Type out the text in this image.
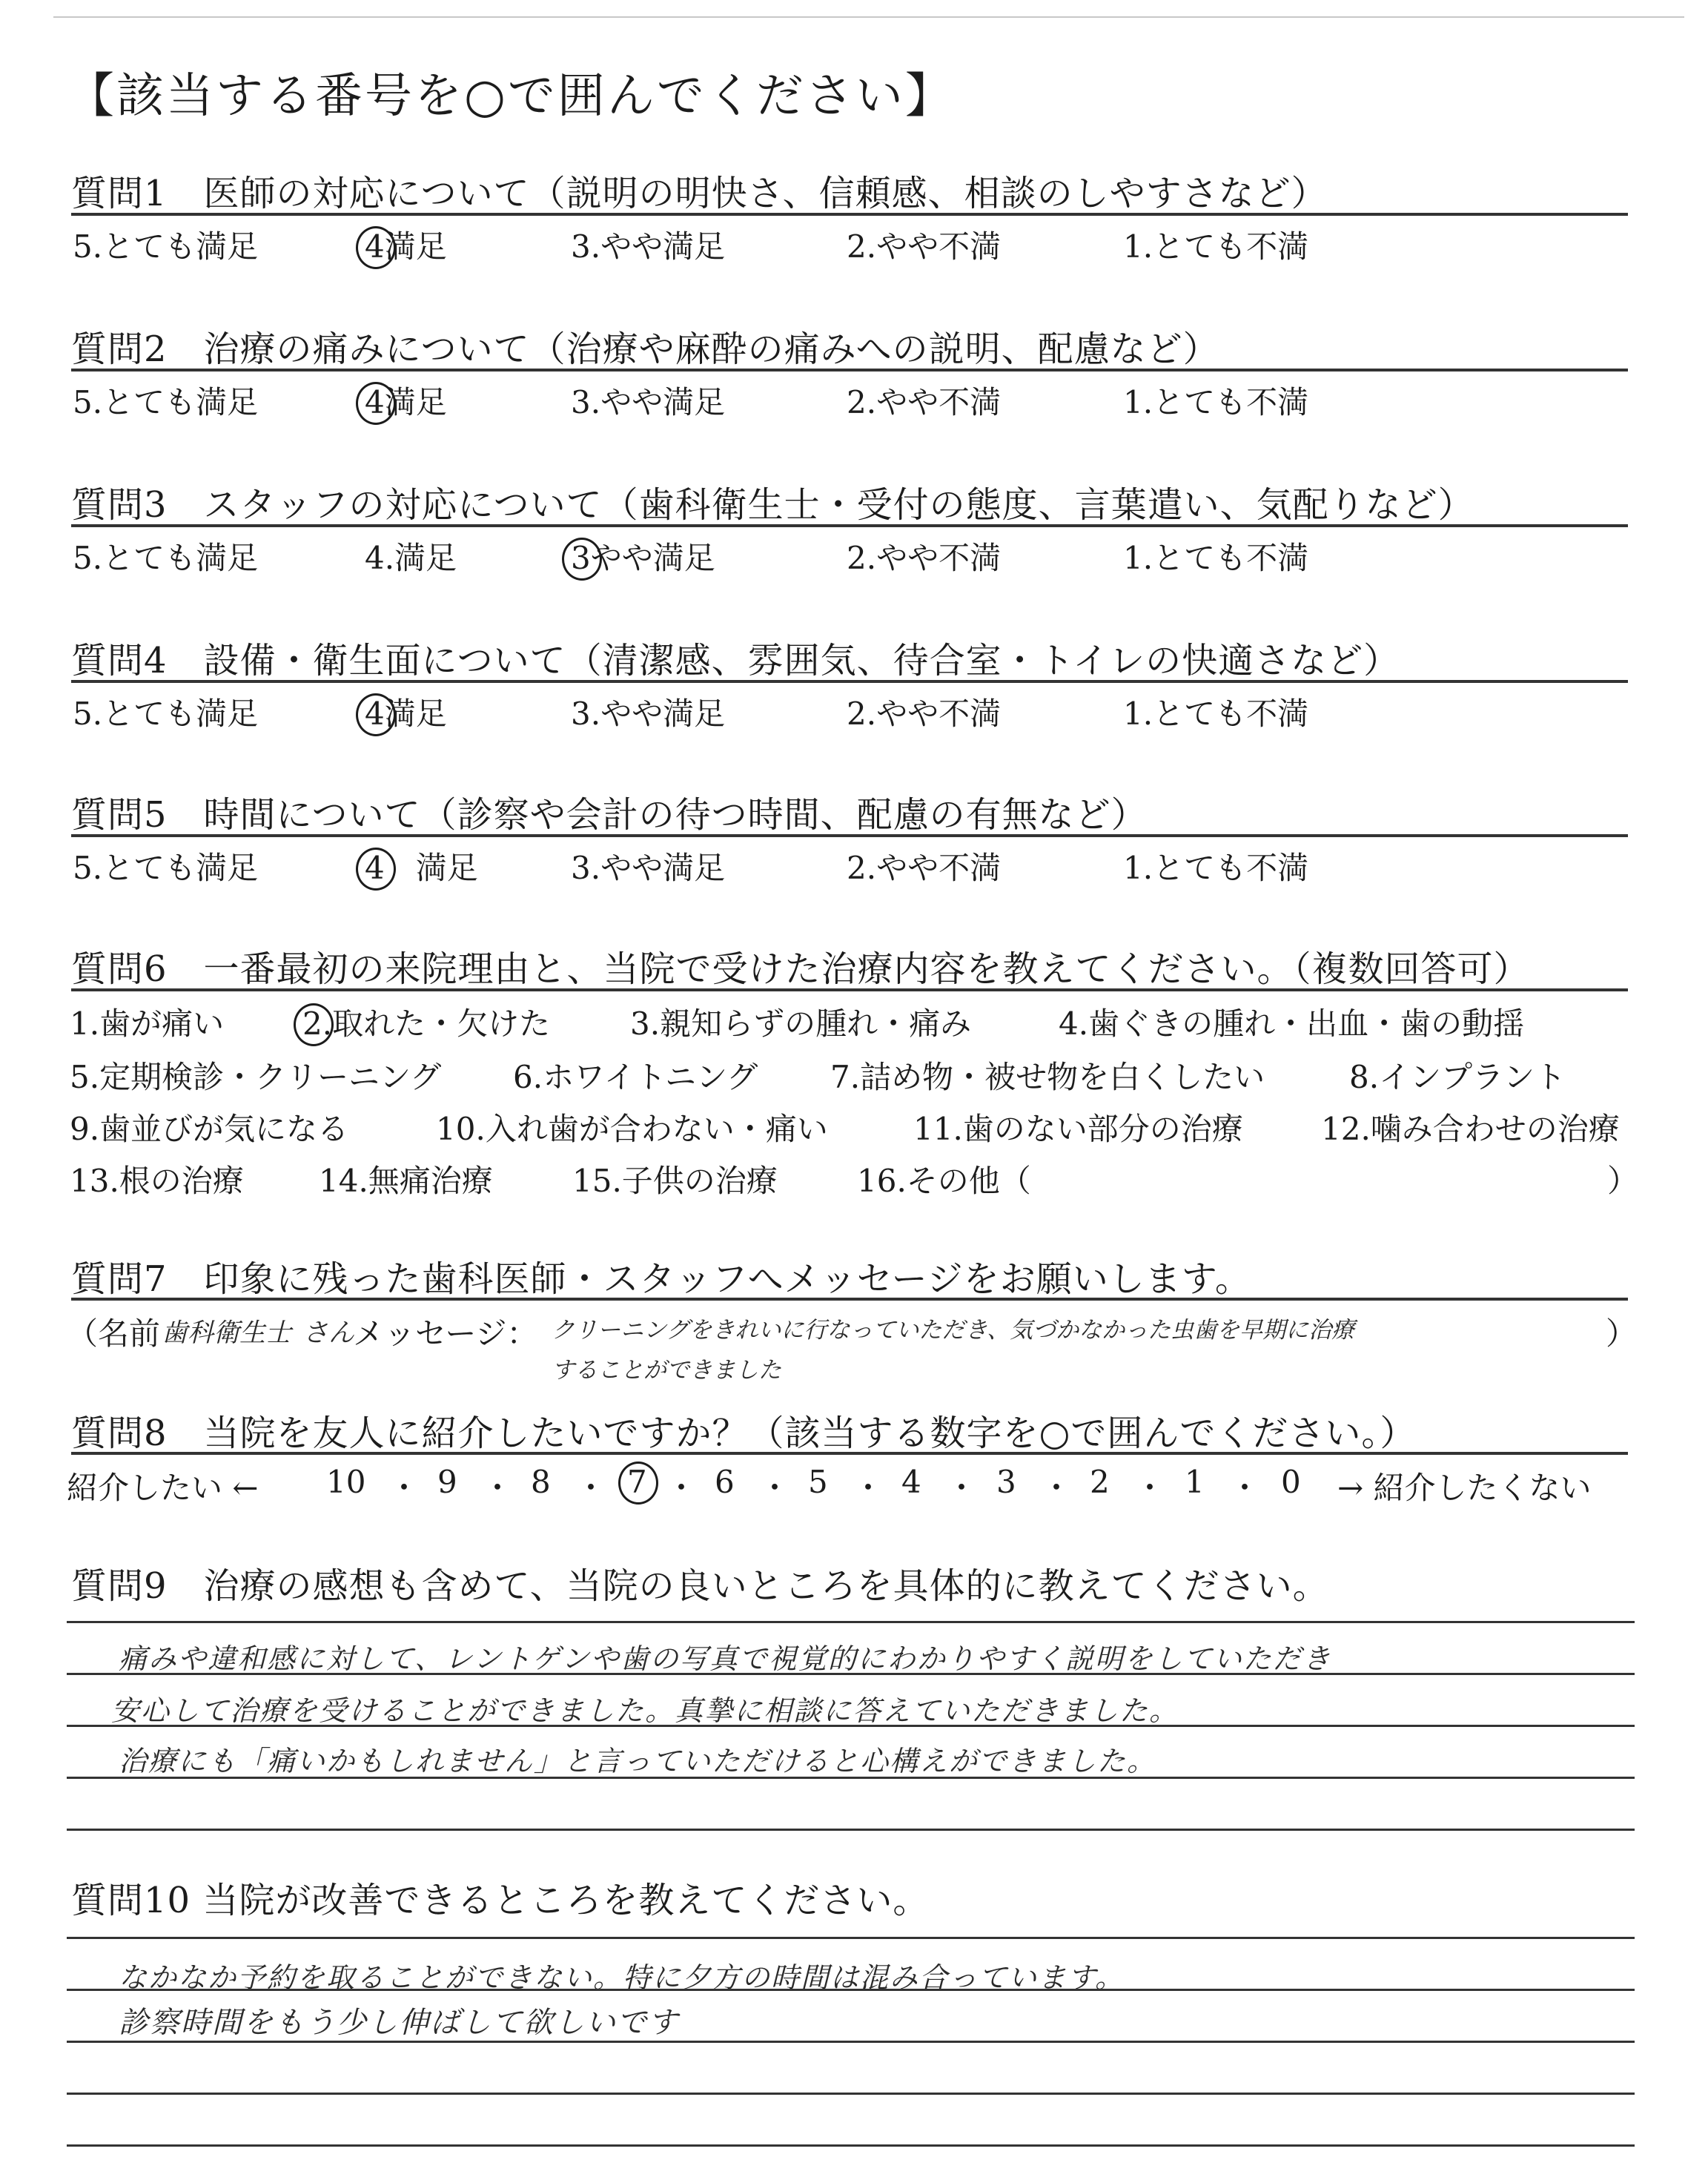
【該当する番号を○で囲んでください】
質問1　医師の対応について（説明の明快さ、信頼感、相談のしやすさなど）
5.とても満足	4満足	3.やや満足	2.やや不満	1.とても不満
質問2　治療の痛みについて（治療や麻酔の痛みへの説明、配慮など）
5.とても満足	4満足	3.やや満足	2.やや不満	1.とても不満
質問3　スタッフの対応について（歯科衛生士・受付の態度、言葉遣い、気配りなど）
5.とても満足	4.満足	3やや満足	2.やや不満	1.とても不満
質問4　設備・衛生面について（清潔感、雰囲気、待合室・トイレの快適さなど）
5.とても満足	4満足	3.やや満足	2.やや不満	1.とても不満
質問5　時間について（診察や会計の待つ時間、配慮の有無など）
5.とても満足	4　満足	3.やや満足	2.やや不満	1.とても不満
質問6　一番最初の来院理由と、当院で受けた治療内容を教えてください。（複数回答可）
1.歯が痛い	2.取れた・欠けた	3.親知らずの腫れ・痛み	4.歯ぐきの腫れ・出血・歯の動揺
5.定期検診・クリーニング 6.ホワイトニング 7.詰め物・被せ物を白くしたい	8.インプラント
9.歯並びが気になる	10.入れ歯が合わない・痛い	11.歯のない部分の治療	12.噛み合わせの治療
13.根の治療 14.無痛治療	15.子供の治療	16.その他（	）
質問7　印象に残った歯科医師・スタッフへメッセージをお願いします。
（名前 歯科衛生士 さん
メッセージ： クリーニングをきれいに行なっていただき、気づかなかった虫歯を早期に治療	）
することができました
質問8　当院を友人に紹介したいですか？（該当する数字を○で囲んでください。）
紹介したい ← 10 ・ 9 ・ 8 ・ 7 ・ 6 ・ 5 ・ 4 ・ 3 ・ 2 ・ 1 ・ 0 → 紹介したくない
質問9　治療の感想も含めて、当院の良いところを具体的に教えてください。
痛みや違和感に対して、レントゲンや歯の写真で視覚的にわかりやすく説明をしていただき
安心して治療を受けることができました。真摯に相談に答えていただきました。
治療にも「痛いかもしれません」と言っていただけると心構えができました。
質問10 当院が改善できるところを教えてください。
なかなか予約を取ることができない。特に夕方の時間は混み合っています。
診察時間をもう少し伸ばして欲しいです
